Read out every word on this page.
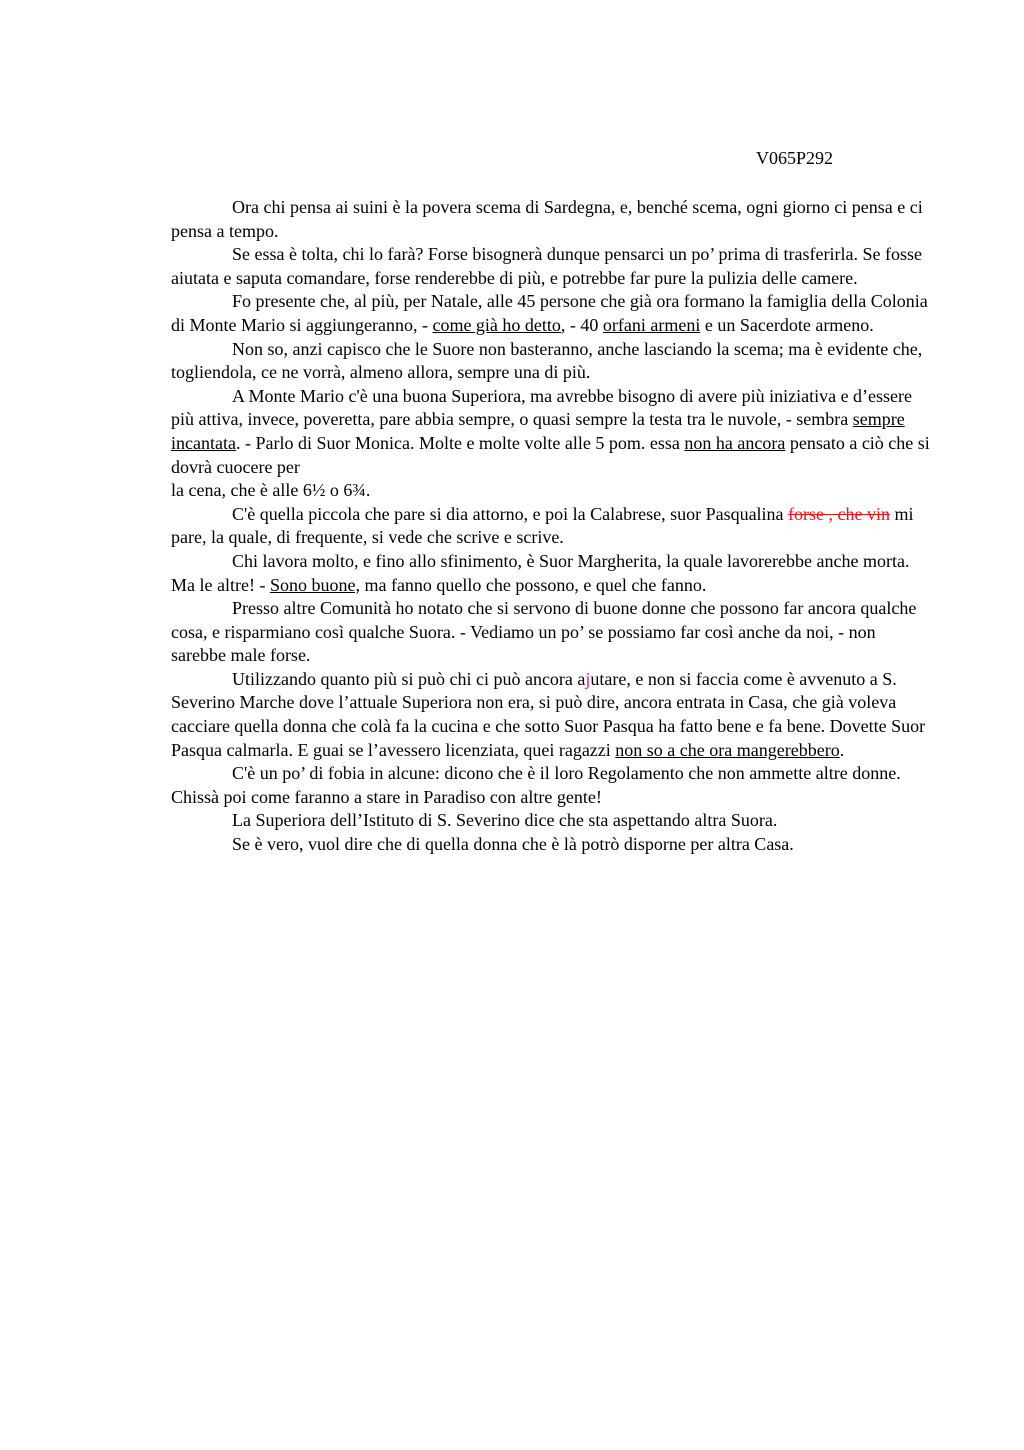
V065P292

Ora chi pensa ai suini è la povera scema di Sardegna, e, benché scema, ogni giorno ci pensa e ci pensa a tempo.

Se essa è tolta, chi lo farà? Forse bisognerà dunque pensarci un po’ prima di trasferirla. Se fosse aiutata e saputa comandare, forse renderebbe di più, e potrebbe far pure la pulizia delle camere.

Fo presente che, al più, per Natale, alle 45 persone che già ora formano la famiglia della Colonia di Monte Mario si aggiungeranno, - come già ho detto, - 40 orfani armeni e un Sacerdote armeno.

Non so, anzi capisco che le Suore non basteranno, anche lasciando la scema; ma è evidente che, togliendola, ce ne vorrà, almeno allora, sempre una di più.

A Monte Mario c'è una buona Superiora, ma avrebbe bisogno di avere più iniziativa e d’essere più attiva, invece, poveretta, pare abbia sempre, o quasi sempre la testa tra le nuvole, - sembra sempre incantata. - Parlo di Suor Monica. Molte e molte volte alle 5 pom. essa non ha ancora pensato a ciò che si dovrà cuocere per

la cena, che è alle 6½ o 6¾.

C'è quella piccola che pare si dia attorno, e poi la Calabrese, suor Pasqualina forse , che vin mi pare, la quale, di frequente, si vede che scrive e scrive.

Chi lavora molto, e fino allo sfinimento, è Suor Margherita, la quale lavorerebbe anche morta. Ma le altre! - Sono buone, ma fanno quello che possono, e quel che fanno.

Presso altre Comunità ho notato che si servono di buone donne che possono far ancora qualche cosa, e risparmiano così qualche Suora. - Vediamo un po’ se possiamo far così anche da noi, - non sarebbe male forse.

Utilizzando quanto più si può chi ci può ancora ajutare, e non si faccia come è avvenuto a S. Severino Marche dove l’attuale Superiora non era, si può dire, ancora entrata in Casa, che già voleva cacciare quella donna che colà fa la cucina e che sotto Suor Pasqua ha fatto bene e fa bene. Dovette Suor Pasqua calmarla. E guai se l’avessero licenziata, quei ragazzi non so a che ora mangerebbero.

C'è un po’ di fobia in alcune: dicono che è il loro Regolamento che non ammette altre donne. Chissà poi come faranno a stare in Paradiso con altre gente!

La Superiora dell’Istituto di S. Severino dice che sta aspettando altra Suora.

Se è vero, vuol dire che di quella donna che è là potrò disporne per altra Casa.
